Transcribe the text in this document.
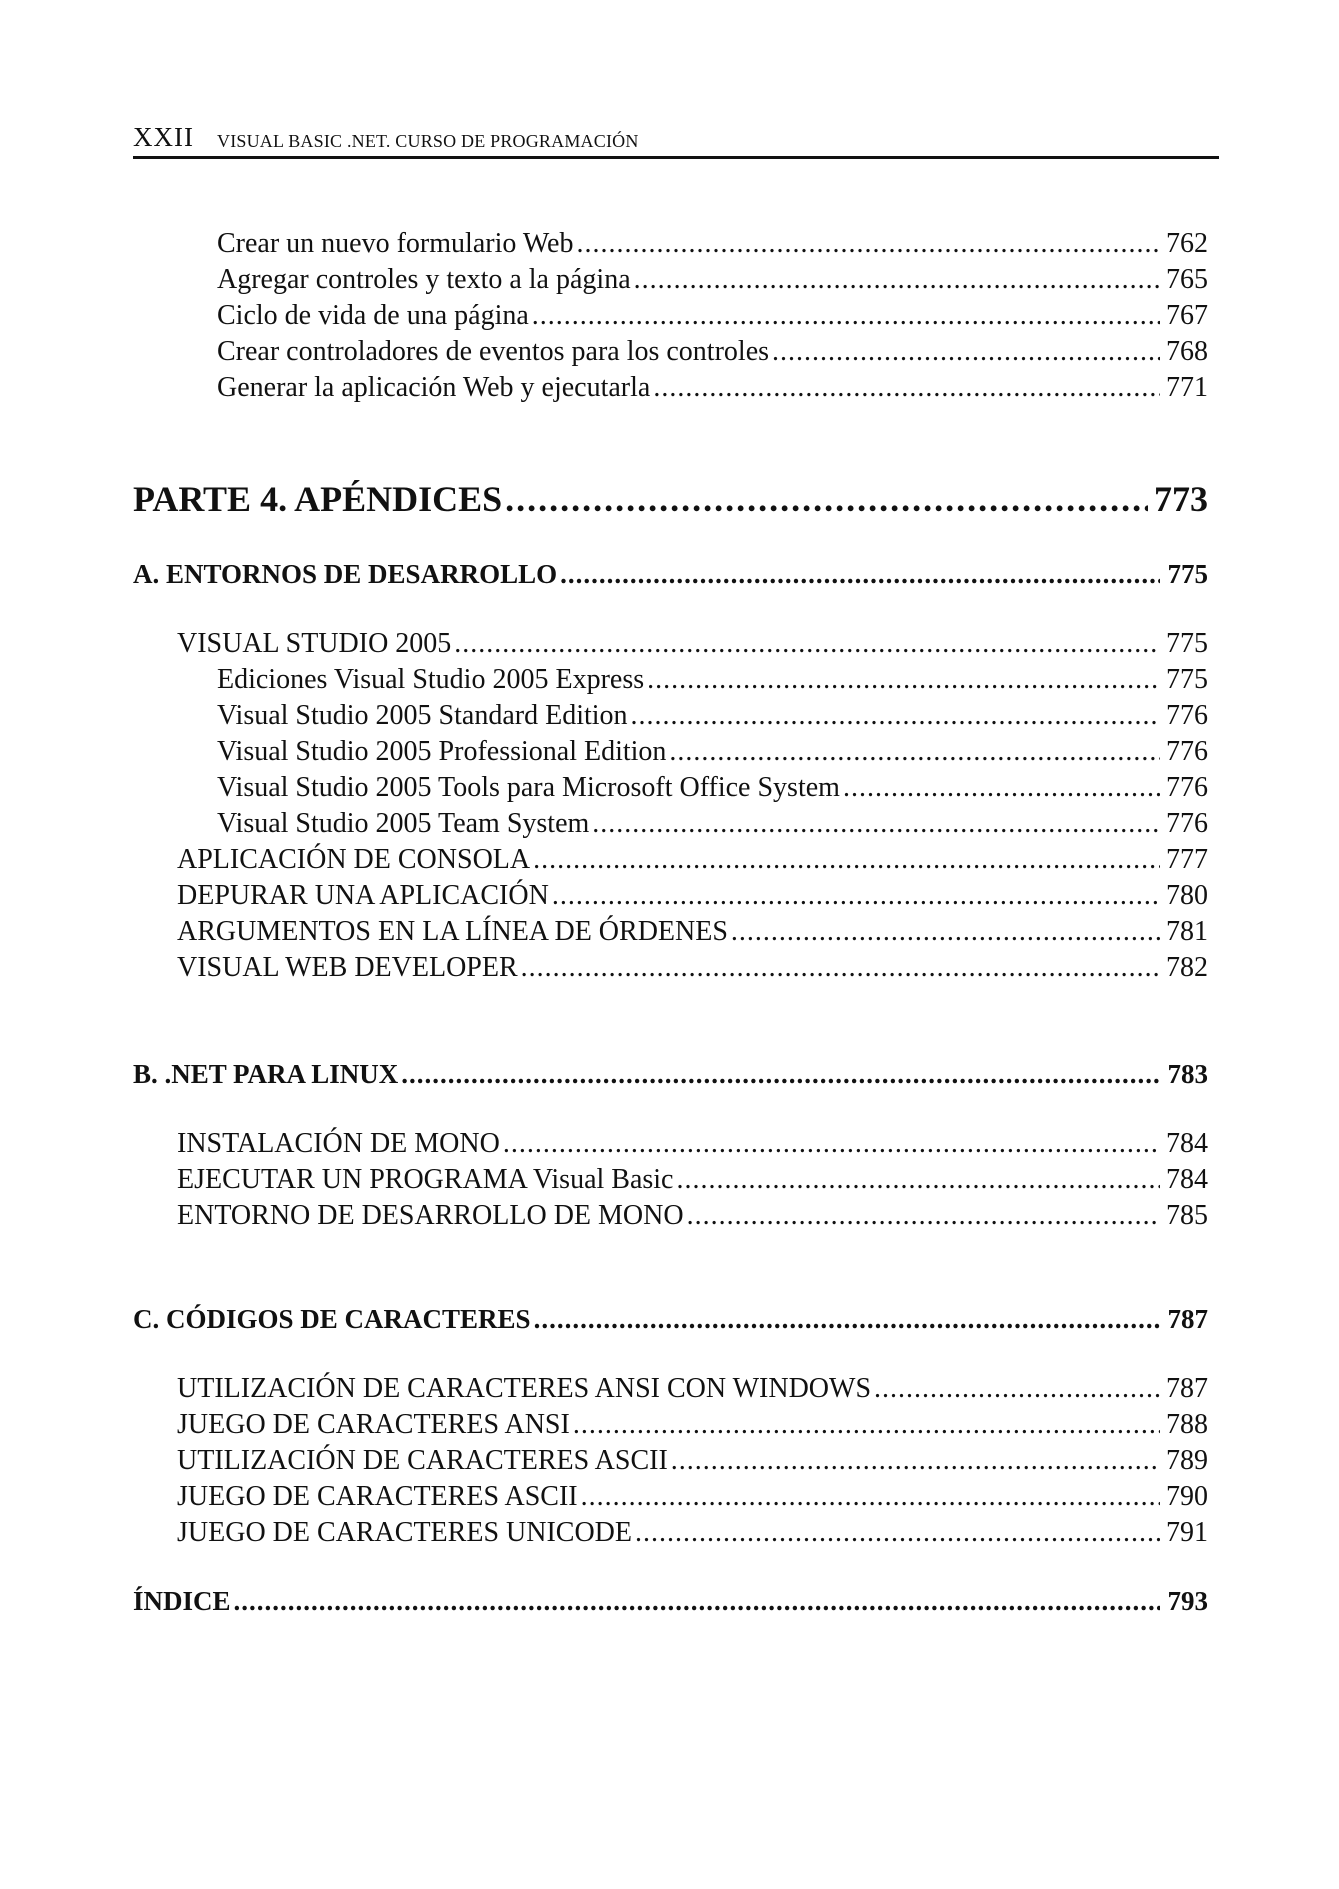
XXII VISUAL BASIC .NET. CURSO DE PROGRAMACIÓN
Crear un nuevo formulario Web .....	762
Agregar controles y texto a la página .....	765
Ciclo de vida de una página .....	767
Crear controladores de eventos para los controles .....	768
Generar la aplicación Web y ejecutarla .....	771
PARTE 4. APÉNDICES .....	773
A. ENTORNOS DE DESARROLLO .....	775
VISUAL STUDIO 2005 .....	775
Ediciones Visual Studio 2005 Express .....	775
Visual Studio 2005 Standard Edition .....	776
Visual Studio 2005 Professional Edition .....	776
Visual Studio 2005 Tools para Microsoft Office System .....	776
Visual Studio 2005 Team System .....	776
APLICACIÓN DE CONSOLA .....	777
DEPURAR UNA APLICACIÓN .....	780
ARGUMENTOS EN LA LÍNEA DE ÓRDENES .....	781
VISUAL WEB DEVELOPER .....	782
B. .NET PARA LINUX .....	783
INSTALACIÓN DE MONO .....	784
EJECUTAR UN PROGRAMA Visual Basic .....	784
ENTORNO DE DESARROLLO DE MONO .....	785
C. CÓDIGOS DE CARACTERES .....	787
UTILIZACIÓN DE CARACTERES ANSI CON WINDOWS .....	787
JUEGO DE CARACTERES ANSI .....	788
UTILIZACIÓN DE CARACTERES ASCII .....	789
JUEGO DE CARACTERES ASCII .....	790
JUEGO DE CARACTERES UNICODE .....	791
ÍNDICE .....	793
